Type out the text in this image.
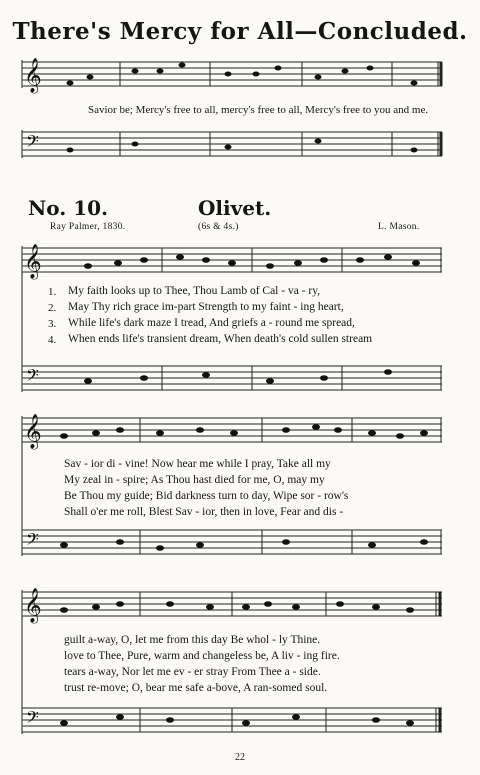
𝄞
𝄢
𝄞
𝄢
𝄞
𝄢
𝄞
𝄢
There's Mercy for All—Concluded.
Savior be; Mercy's free to all, mercy's free to all, Mercy's free to you and me.
No. 10.	Olivet.
Ray Palmer, 1830.	(6s & 4s.)	L. Mason.
1. My faith looks up to Thee, Thou Lamb of Cal - va - ry,
2. May Thy rich grace im-part Strength to my faint - ing heart,
3. While life's dark maze I tread, And griefs a - round me spread,
4. When ends life's transient dream, When death's cold sullen stream
Sav - ior di - vine! Now hear me while I pray, Take all my
My zeal in - spire; As Thou hast died for me, O, may my
Be Thou my guide; Bid darkness turn to day, Wipe sor - row's
Shall o'er me roll, Blest Sav - ior, then in love, Fear and dis -
guilt a-way, O, let me from this day Be whol - ly Thine.
love to Thee, Pure, warm and changeless be, A liv - ing fire.
tears a-way, Nor let me ev - er stray From Thee a - side.
trust re-move; O, bear me safe a-bove, A ran-somed soul.
22
